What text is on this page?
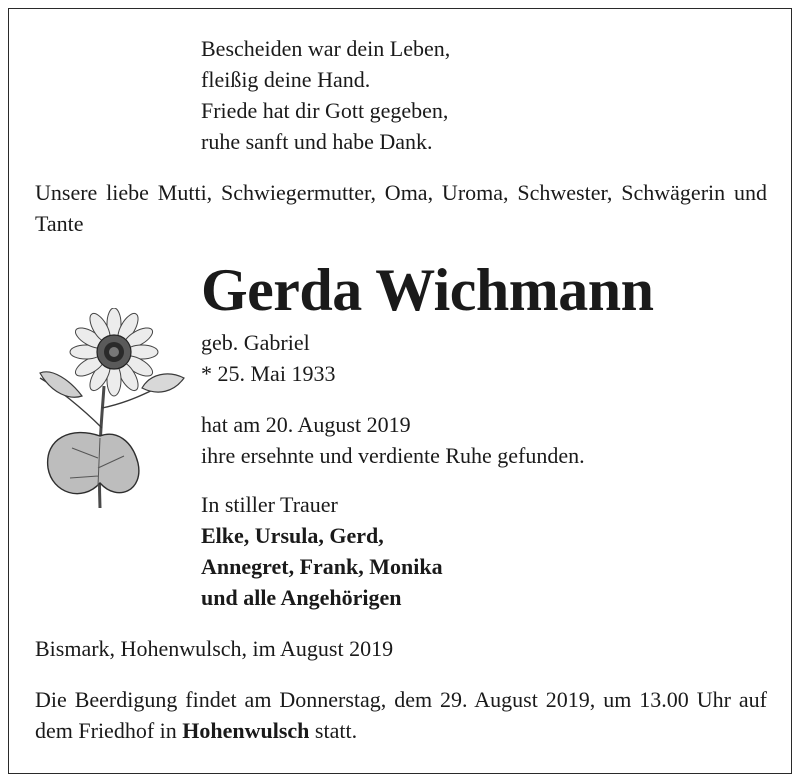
Bescheiden war dein Leben,
fleißig deine Hand.
Friede hat dir Gott gegeben,
ruhe sanft und habe Dank.
Unsere liebe Mutti, Schwiegermutter, Oma, Uroma, Schwester, Schwägerin und Tante
Gerda Wichmann
geb. Gabriel
* 25. Mai 1933
hat am 20. August 2019
ihre ersehnte und verdiente Ruhe gefunden.
In stiller Trauer
Elke, Ursula, Gerd,
Annegret, Frank, Monika
und alle Angehörigen
Bismark, Hohenwulsch, im August 2019
Die Beerdigung findet am Donnerstag, dem 29. August 2019, um 13.00 Uhr auf dem Friedhof in Hohenwulsch statt.
